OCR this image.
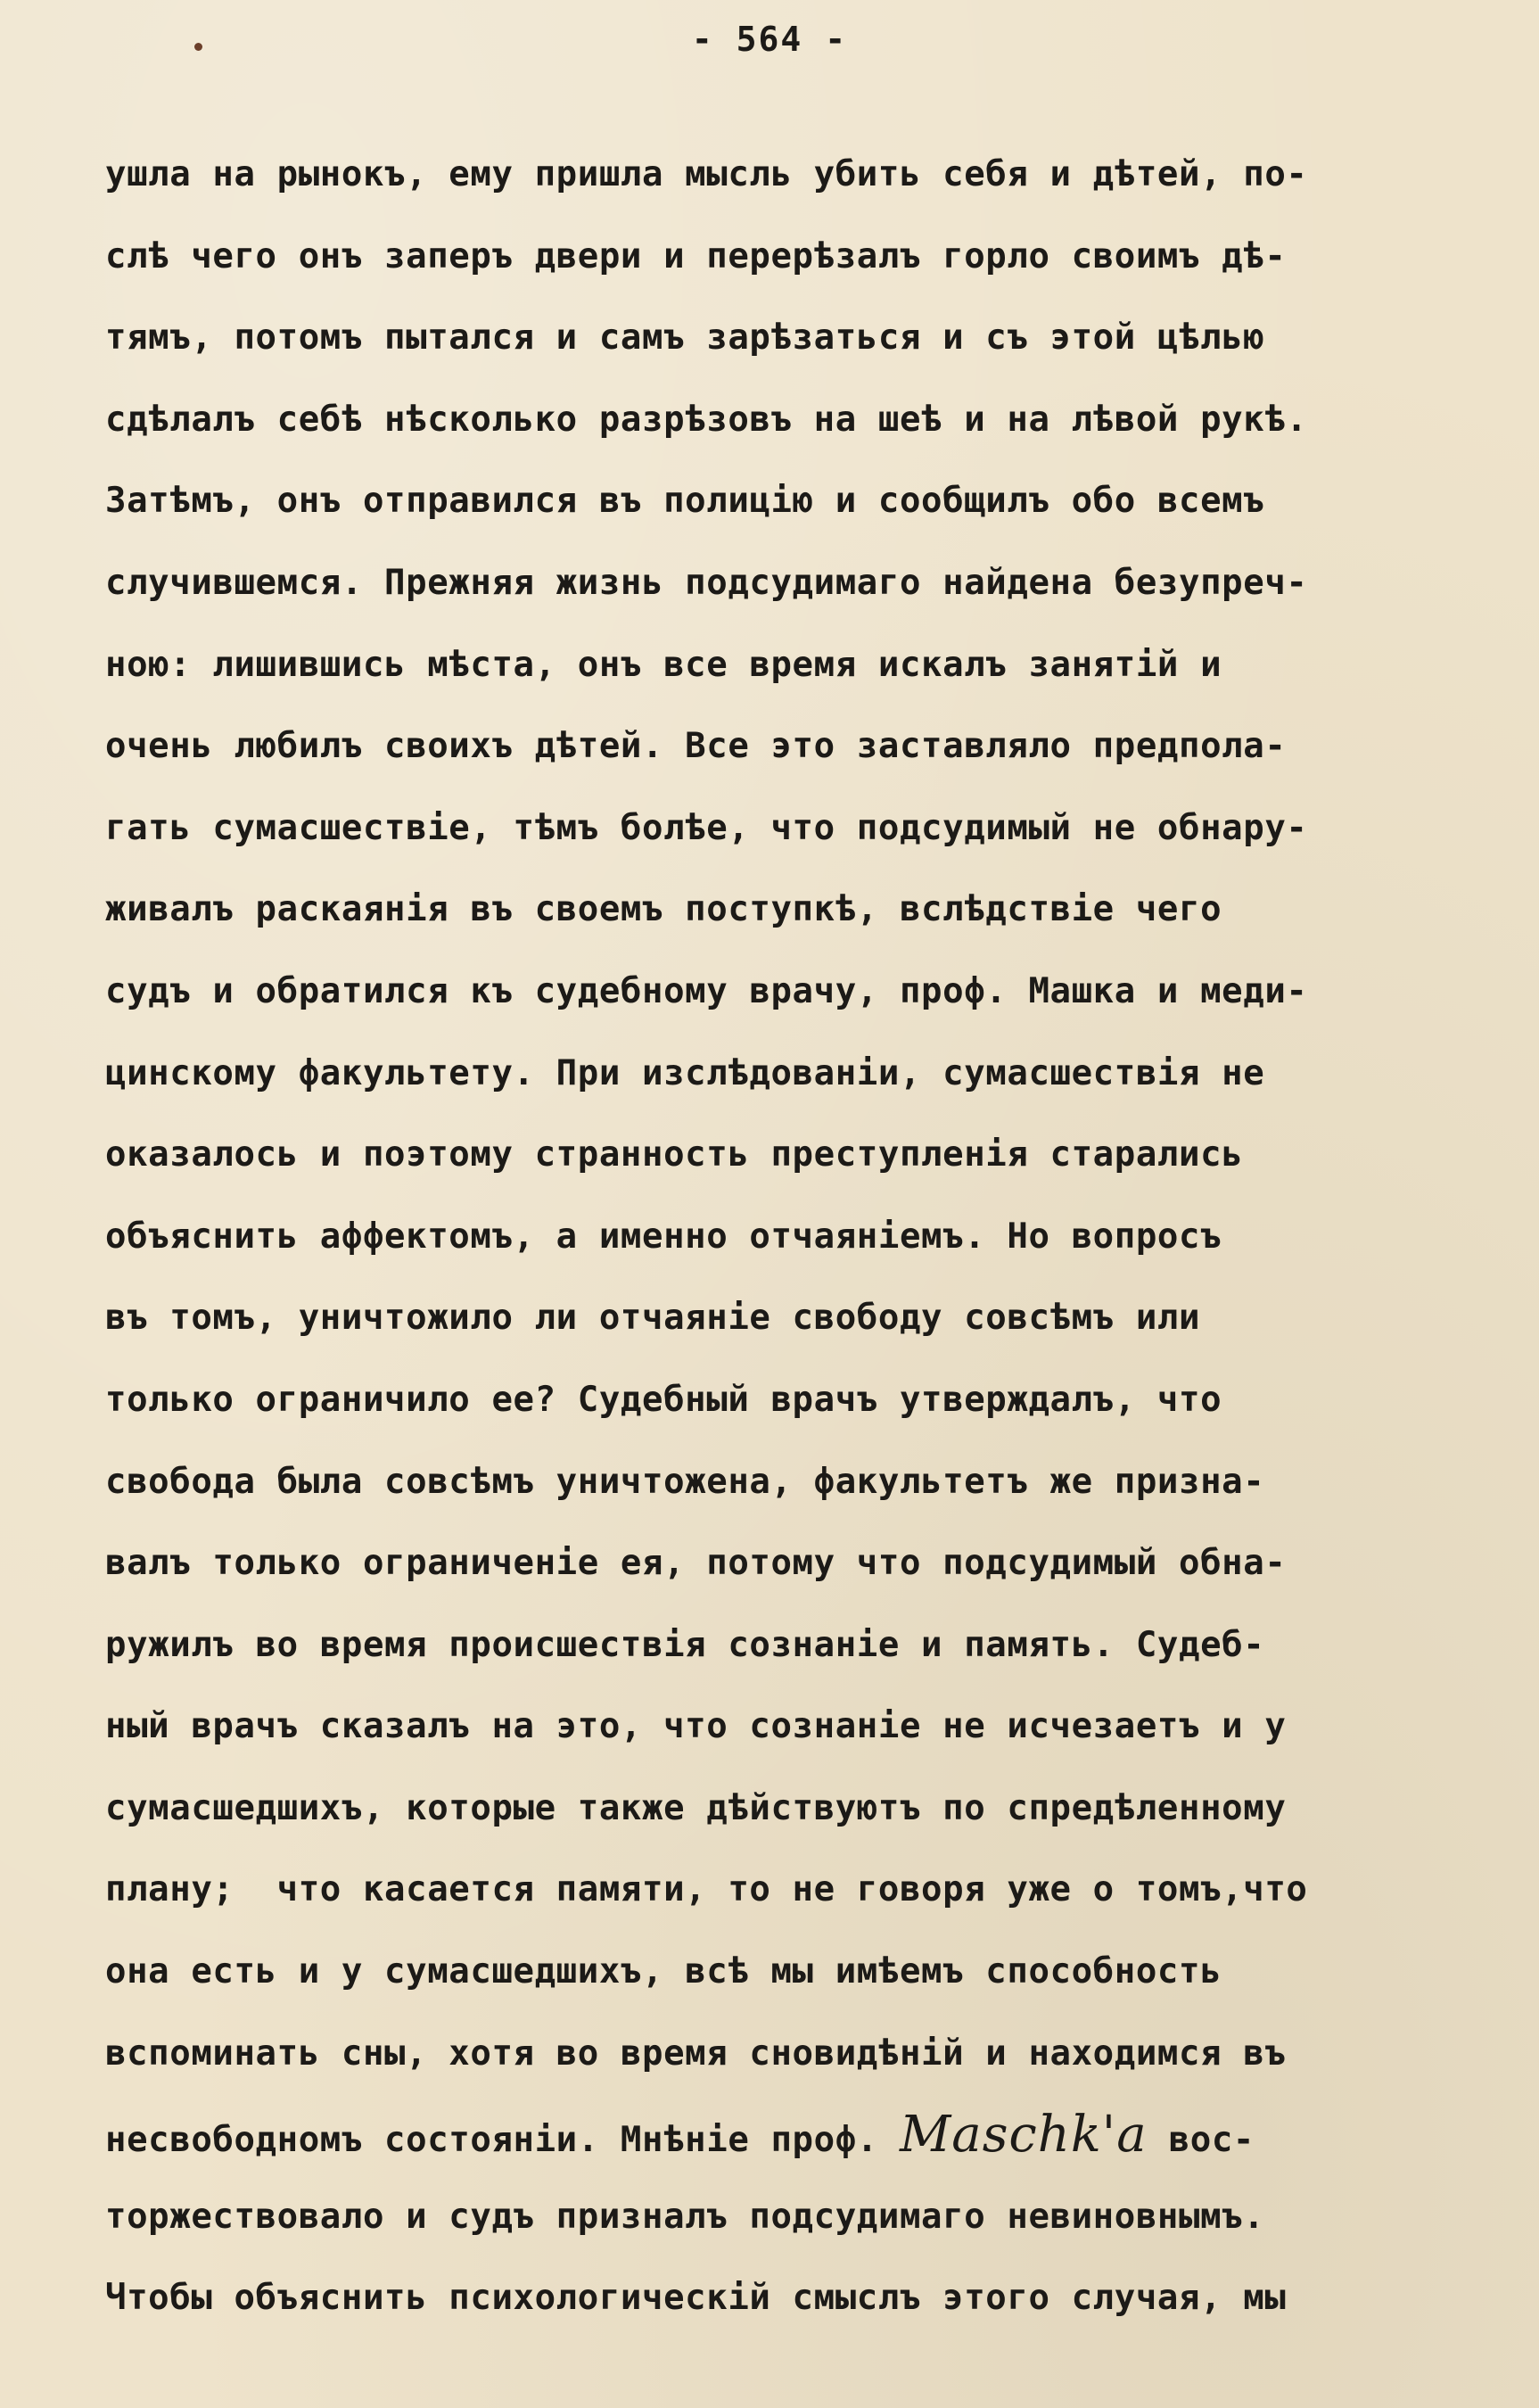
- 564 -
ушла на рынокъ, ему пришла мысль убить себя и дѣтей, по-
слѣ чего онъ заперъ двери и перерѣзалъ горло своимъ дѣ-
тямъ, потомъ пытался и самъ зарѣзаться и съ этой цѣлью
сдѣлалъ себѣ нѣсколько разрѣзовъ на шеѣ и на лѣвой рукѣ.
Затѣмъ, онъ отправился въ полицію и сообщилъ обо всемъ
случившемся. Прежняя жизнь подсудимаго найдена безупреч-
ною: лишившись мѣста, онъ все время искалъ занятій и
очень любилъ своихъ дѣтей. Все это заставляло предпола-
гать сумасшествіе, тѣмъ болѣе, что подсудимый не обнару-
живалъ раскаянія въ своемъ поступкѣ, вслѣдствіе чего
судъ и обратился къ судебному врачу, проф. Машка и меди-
цинскому факультету. При изслѣдованіи, сумасшествія не
оказалось и поэтому странность преступленія старались
объяснить аффектомъ, а именно отчаяніемъ. Но вопросъ
въ томъ, уничтожило ли отчаяніе свободу совсѣмъ или
только ограничило ее? Судебный врачъ утверждалъ, что
свобода была совсѣмъ уничтожена, факультетъ же призна-
валъ только ограниченіе ея, потому что подсудимый обна-
ружилъ во время происшествія сознаніе и память. Судеб-
ный врачъ сказалъ на это, что сознаніе не исчезаетъ и у
сумасшедшихъ, которые также дѣйствуютъ по спредѣленному
плану;  что касается памяти, то не говоря уже о томъ,что
она есть и у сумасшедшихъ, всѣ мы имѣемъ способность
вспоминать сны, хотя во время сновидѣній и находимся въ
несвободномъ состояніи. Мнѣніе проф. Maschk'a вос-
торжествовало и судъ призналъ подсудимаго невиновнымъ.
Чтобы объяснить психологическій смыслъ этого случая, мы
